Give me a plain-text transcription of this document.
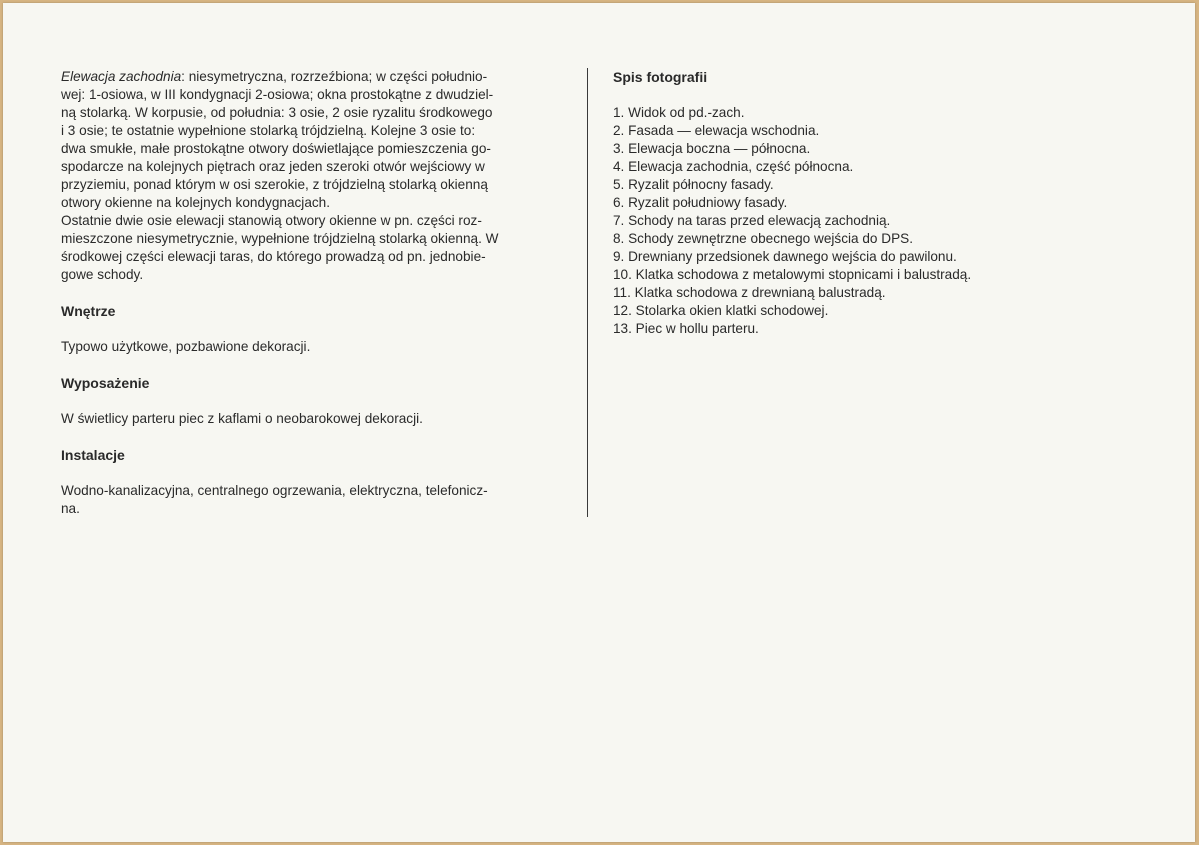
Elewacja zachodnia: niesymetryczna, rozrzeźbiona; w części południo-
wej: 1-osiowa, w III kondygnacji 2-osiowa; okna prostokątne z dwudziel-
ną stolarką. W korpusie, od południa: 3 osie, 2 osie ryzalitu środkowego
i 3 osie; te ostatnie wypełnione stolarką trójdzielną. Kolejne 3 osie to:
dwa smukłe, małe prostokątne otwory doświetlające pomieszczenia go-
spodarcze na kolejnych piętrach oraz jeden szeroki otwór wejściowy w
przyziemiu, ponad którym w osi szerokie, z trójdzielną stolarką okienną
otwory okienne na kolejnych kondygnacjach.
Ostatnie dwie osie elewacji stanowią otwory okienne w pn. części roz-
mieszczone niesymetrycznie, wypełnione trójdzielną stolarką okienną. W
środkowej części elewacji taras, do którego prowadzą od pn. jednobie-
gowe schody.
Wnętrze
Typowo użytkowe, pozbawione dekoracji.
Wyposażenie
W świetlicy parteru piec z kaflami o neobarokowej dekoracji.
Instalacje
Wodno-kanalizacyjna, centralnego ogrzewania, elektryczna, telefonicz-
na.
Spis fotografii
1. Widok od pd.-zach.
2. Fasada — elewacja wschodnia.
3. Elewacja boczna — północna.
4. Elewacja zachodnia, część północna.
5. Ryzalit północny fasady.
6. Ryzalit południowy fasady.
7. Schody na taras przed elewacją zachodnią.
8. Schody zewnętrzne obecnego wejścia do DPS.
9. Drewniany przedsionek dawnego wejścia do pawilonu.
10. Klatka schodowa z metalowymi stopnicami i balustradą.
11. Klatka schodowa z drewnianą balustradą.
12. Stolarka okien klatki schodowej.
13. Piec w hollu parteru.
